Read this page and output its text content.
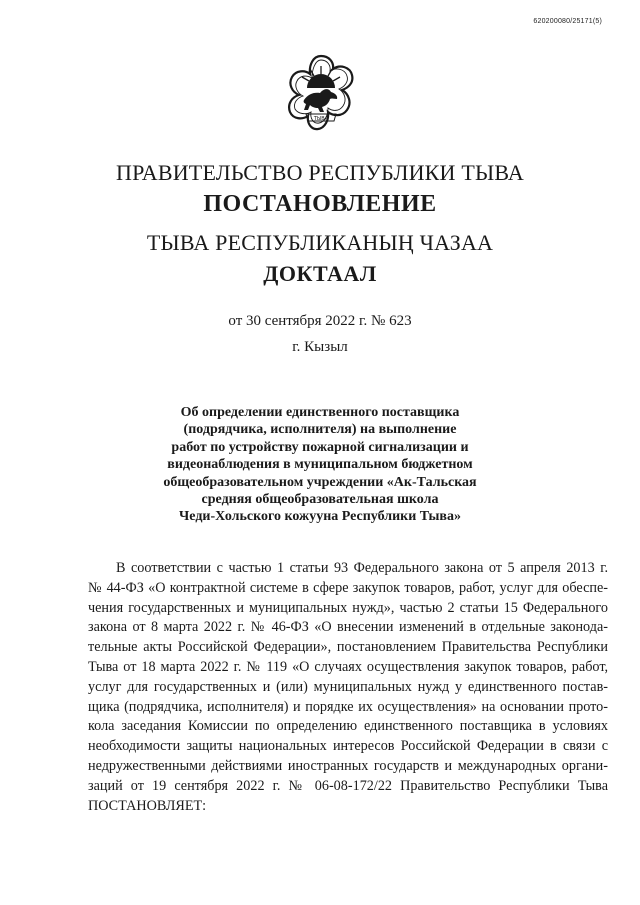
620200080/25171(5)
ТЫВА
ПРАВИТЕЛЬСТВО РЕСПУБЛИКИ ТЫВА
ПОСТАНОВЛЕНИЕ
ТЫВА РЕСПУБЛИКАНЫҢ ЧАЗАА
ДОКТААЛ
от 30 сентября 2022 г. № 623
г. Кызыл
Об определении единственного поставщика
(подрядчика, исполнителя) на выполнение
работ по устройству пожарной сигнализации и
видеонаблюдения в муниципальном бюджетном
общеобразовательном учреждении «Ак-Тальская
средняя общеобразовательная школа
Чеди-Хольского кожууна Республики Тыва»
В соответствии с частью 1 статьи 93 Федерального закона от 5 апреля 2013 г.
№ 44-ФЗ «О контрактной системе в сфере закупок товаров, работ, услуг для обеспе-
чения государственных и муниципальных нужд», частью 2 статьи 15 Федерального
закона от 8 марта 2022 г. № 46-ФЗ «О внесении изменений в отдельные законода-
тельные акты Российской Федерации», постановлением Правительства Республики
Тыва от 18 марта 2022 г. № 119 «О случаях осуществления закупок товаров, работ,
услуг для государственных и (или) муниципальных нужд у единственного постав-
щика (подрядчика, исполнителя) и порядке их осуществления» на основании прото-
кола заседания Комиссии по определению единственного поставщика в условиях
необходимости защиты национальных интересов Российской Федерации в связи с
недружественными действиями иностранных государств и международных органи-
заций от 19 сентября 2022 г. № 06-08-172/22 Правительство Республики Тыва
ПОСТАНОВЛЯЕТ:
